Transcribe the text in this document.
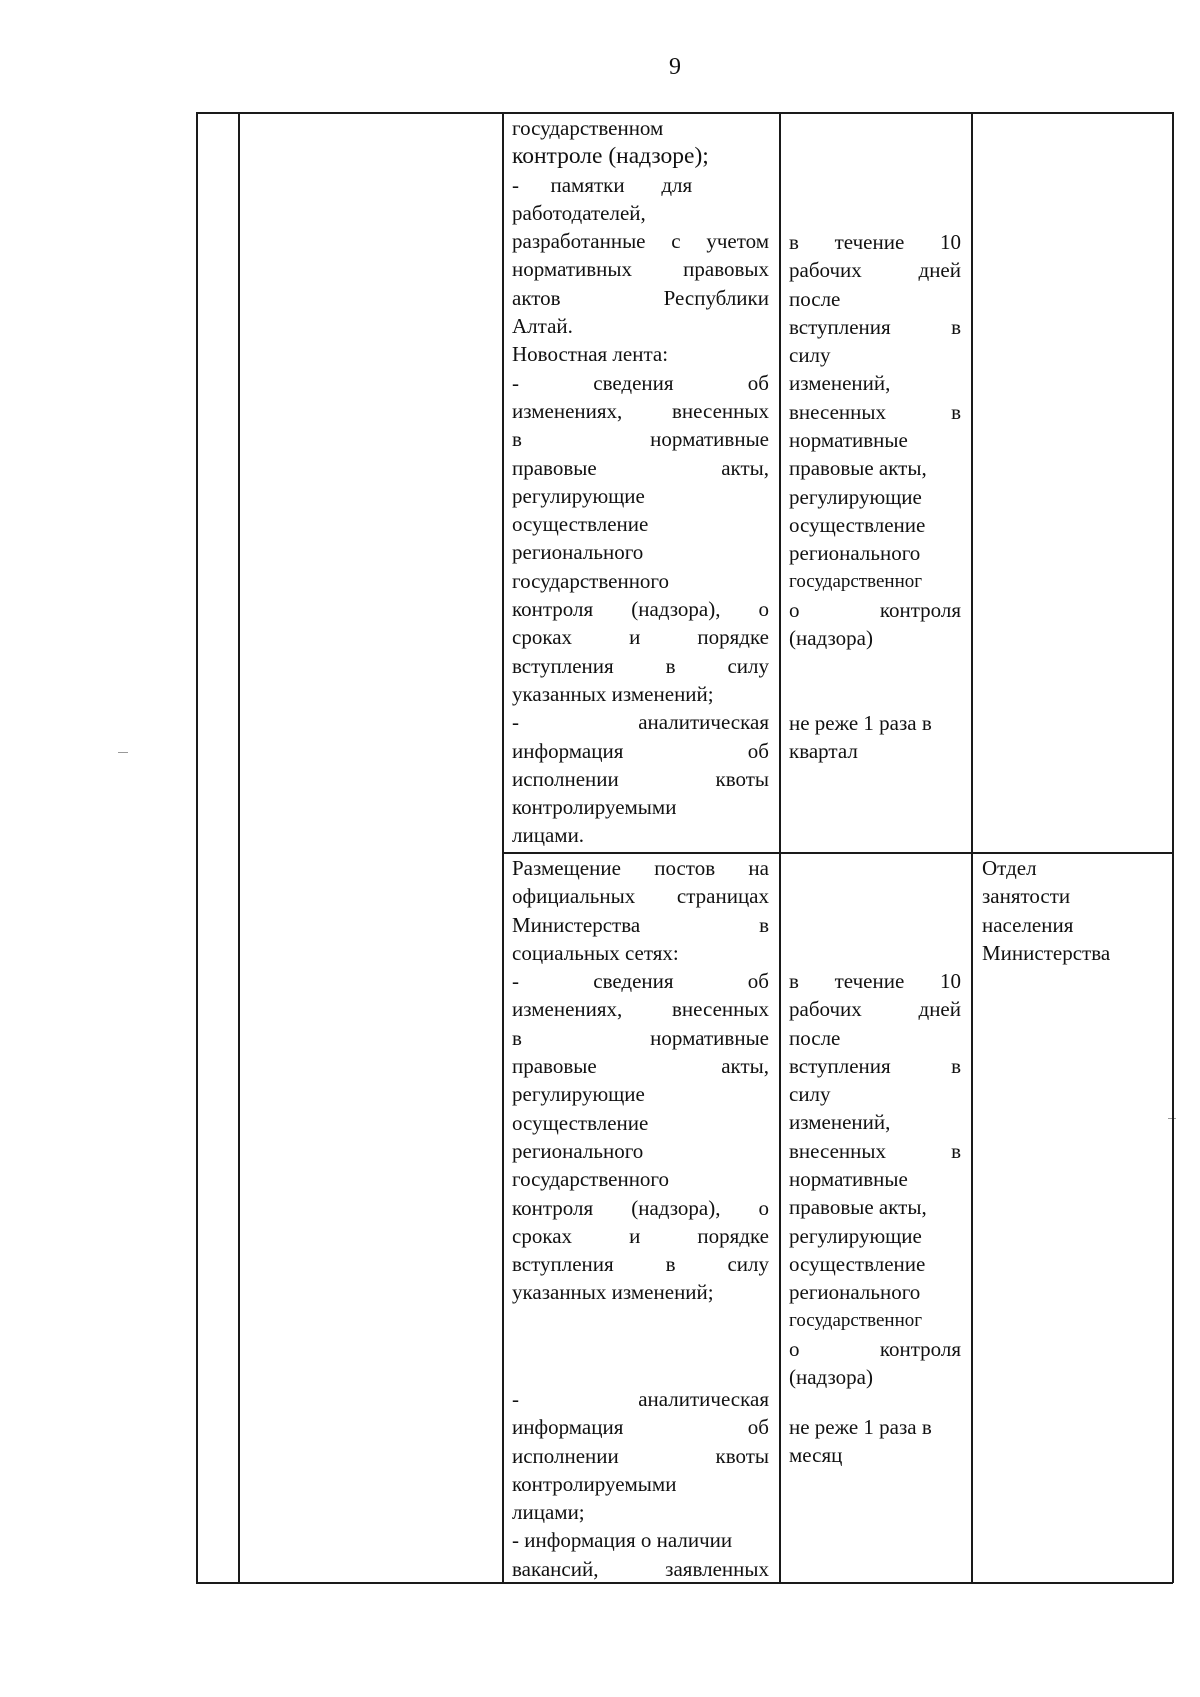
9
государственном
контроле (надзоре);
-      памятки       для
работодателей,
разработанные с учетом
нормативных правовых
актов Республики
Алтай.
Новостная лента:
- сведения об
изменениях, внесенных
в нормативные
правовые акты,
регулирующие
осуществление
регионального
государственного
контроля (надзора), о
сроках и порядке
вступления в силу
указанных изменений;
- аналитическая
информация об
исполнении квоты
контролируемыми
лицами.
в течение 10
рабочих дней
после
вступления в
силу
изменений,
внесенных в
нормативные
правовые акты,
регулирующие
осуществление
регионального
государственног
о контроля
(надзора)
не реже 1 раза в
квартал
Размещение постов на
официальных страницах
Министерства в
социальных сетях:
- сведения об
изменениях, внесенных
в нормативные
правовые акты,
регулирующие
осуществление
регионального
государственного
контроля (надзора), о
сроках и порядке
вступления в силу
указанных изменений;
- аналитическая
информация об
исполнении квоты
контролируемыми
лицами;
- информация о наличии
вакансий, заявленных
в течение 10
рабочих дней
после
вступления в
силу
изменений,
внесенных в
нормативные
правовые акты,
регулирующие
осуществление
регионального
государственног
о контроля
(надзора)
не реже 1 раза в
месяц
Отдел
занятости
населения
Министерства
